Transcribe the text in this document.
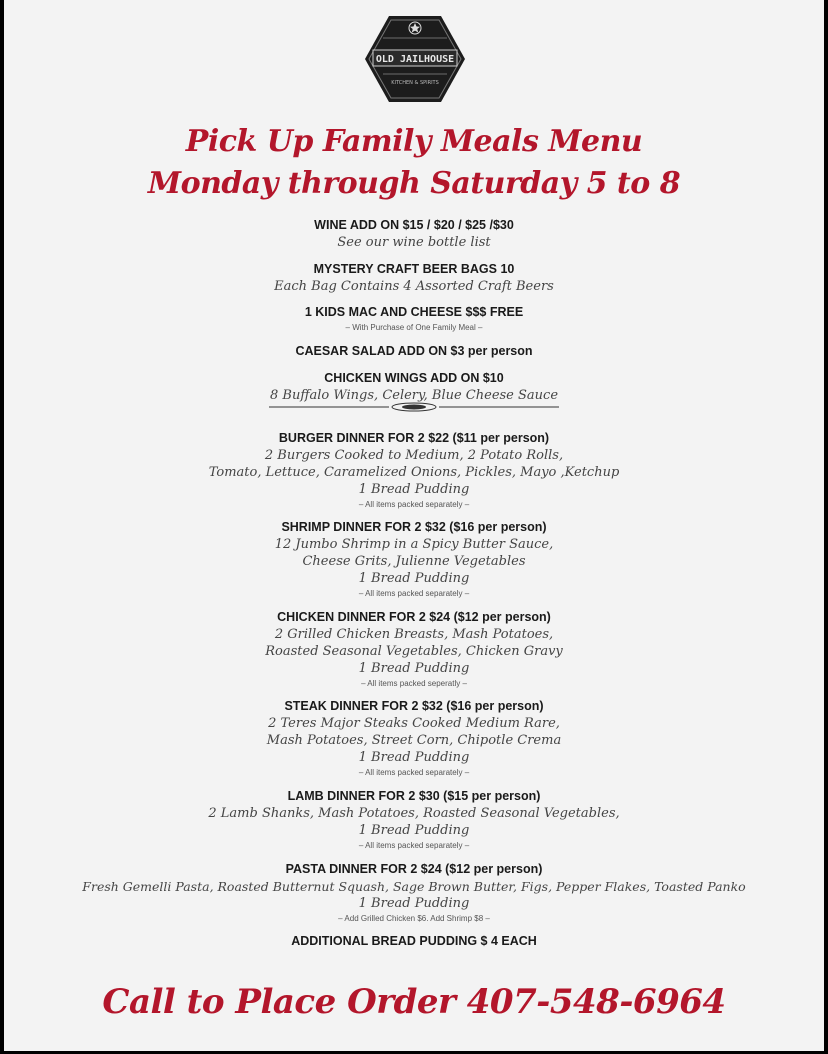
OLD JAILHOUSE
KITCHEN & SPIRITS
Pick Up Family Meals Menu
Monday through Saturday 5 to 8
WINE ADD ON $15 / $20 / $25 /$30
See our wine bottle list
MYSTERY CRAFT BEER BAGS 10
Each Bag Contains 4 Assorted Craft Beers
1 KIDS MAC AND CHEESE $$$ FREE
– With Purchase of One Family Meal –
CAESAR SALAD ADD ON $3 per person
CHICKEN WINGS ADD ON $10
8 Buffalo Wings, Celery, Blue Cheese Sauce
BURGER DINNER FOR 2 $22 ($11 per person)
2 Burgers Cooked to Medium, 2 Potato Rolls,
Tomato, Lettuce, Caramelized Onions, Pickles, Mayo ,Ketchup
1 Bread Pudding
– All items packed separately –
SHRIMP DINNER FOR 2 $32 ($16 per person)
12 Jumbo Shrimp in a Spicy Butter Sauce,
Cheese Grits, Julienne Vegetables
1 Bread Pudding
– All items packed separately –
CHICKEN DINNER FOR 2 $24 ($12 per person)
2 Grilled Chicken Breasts, Mash Potatoes,
Roasted Seasonal Vegetables, Chicken Gravy
1 Bread Pudding
– All items packed seperatly –
STEAK DINNER FOR 2 $32 ($16 per person)
2 Teres Major Steaks Cooked Medium Rare,
Mash Potatoes, Street Corn, Chipotle Crema
1 Bread Pudding
– All items packed separately –
LAMB DINNER FOR 2 $30 ($15 per person)
2 Lamb Shanks, Mash Potatoes, Roasted Seasonal Vegetables,
1 Bread Pudding
– All items packed separately –
PASTA DINNER FOR 2 $24 ($12 per person)
Fresh Gemelli Pasta, Roasted Butternut Squash, Sage Brown Butter, Figs, Pepper Flakes, Toasted Panko
1 Bread Pudding
– Add Grilled Chicken $6. Add Shrimp $8 –
ADDITIONAL BREAD PUDDING $ 4 EACH
Call to Place Order 407-548-6964
